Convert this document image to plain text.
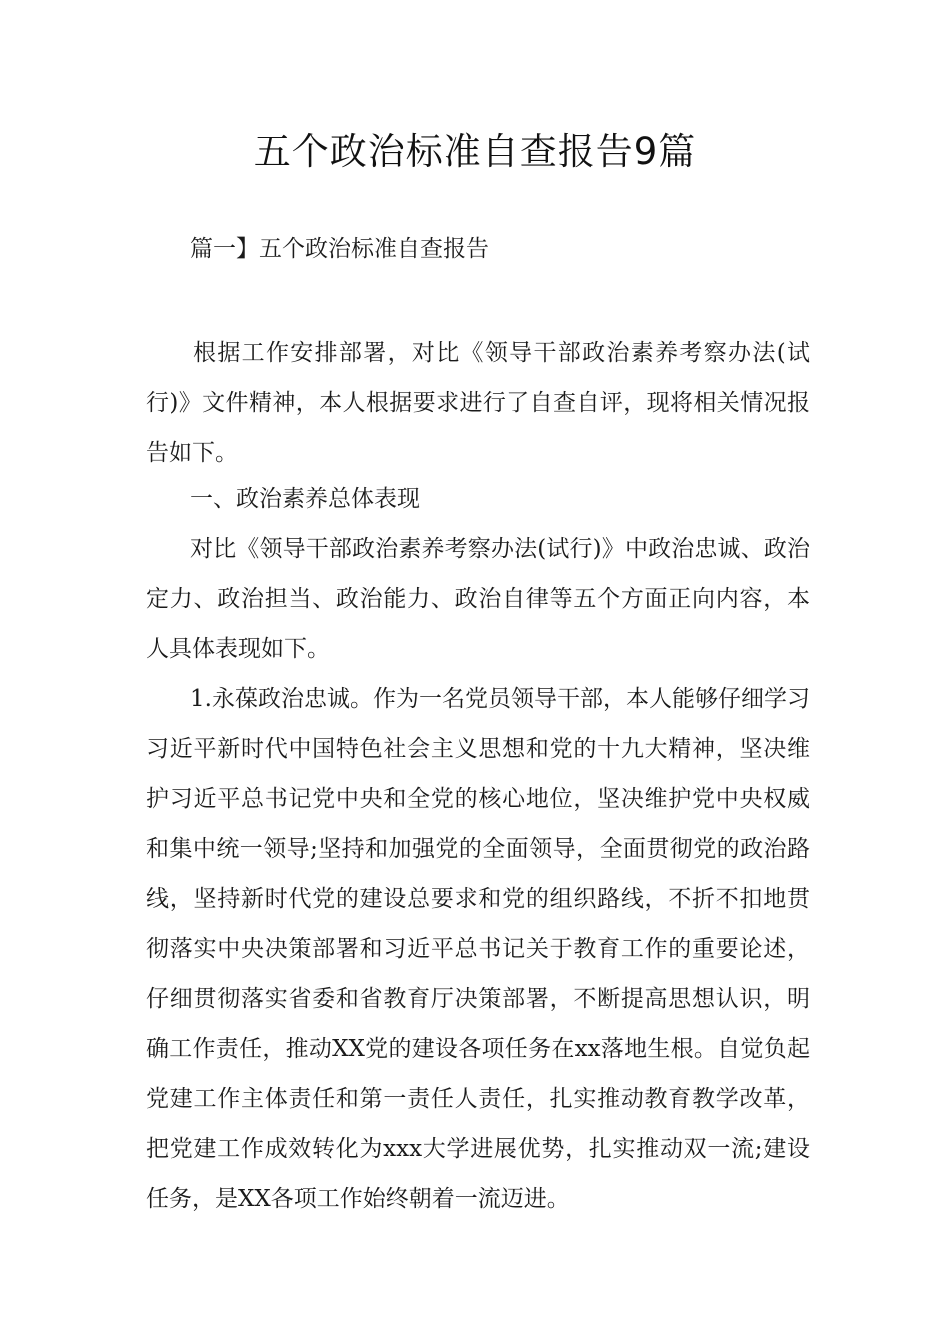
五个政治标准自查报告9篇
篇一】五个政治标准自查报告
根据工作安排部署，对比《领导干部政治素养考察办法(试行)》文件精神，本人根据要求进行了自查自评，现将相关情况报告如下。
一、政治素养总体表现
对比《领导干部政治素养考察办法(试行)》中政治忠诚、政治定力、政治担当、政治能力、政治自律等五个方面正向内容，本人具体表现如下。
1.永葆政治忠诚。作为一名党员领导干部，本人能够仔细学习习近平新时代中国特色社会主义思想和党的十九大精神，坚决维护习近平总书记党中央和全党的核心地位，坚决维护党中央权威和集中统一领导;坚持和加强党的全面领导，全面贯彻党的政治路线，坚持新时代党的建设总要求和党的组织路线，不折不扣地贯彻落实中央决策部署和习近平总书记关于教育工作的重要论述，仔细贯彻落实省委和省教育厅决策部署，不断提高思想认识，明确工作责任，推动XX党的建设各项任务在xx落地生根。自觉负起党建工作主体责任和第一责任人责任，扎实推动教育教学改革，把党建工作成效转化为xxx大学进展优势，扎实推动双一流;建设任务，是XX各项工作始终朝着一流迈进。
